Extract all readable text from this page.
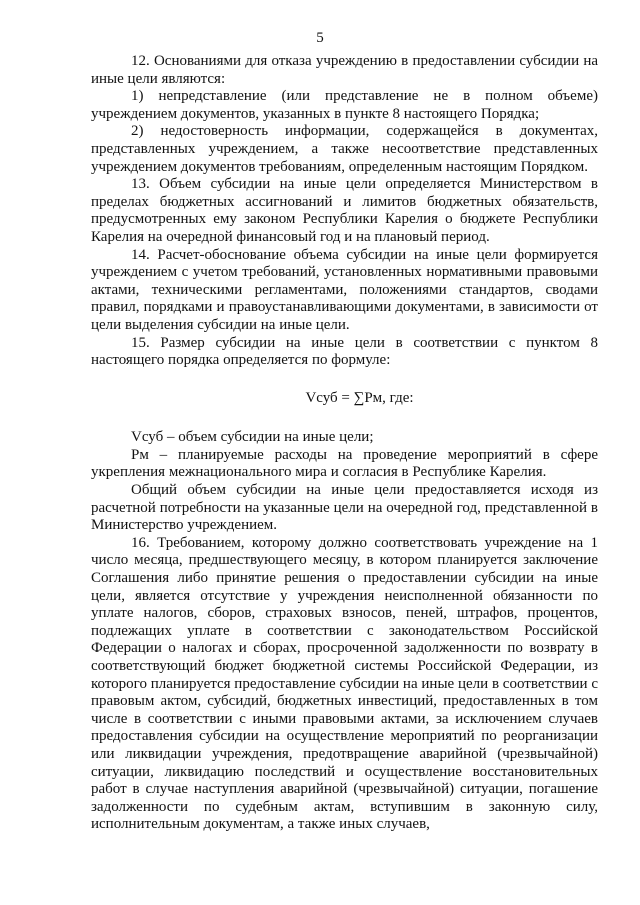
5

12. Основаниями для отказа учреждению в предоставлении субсидии на иные цели являются:

1) непредставление (или представление не в полном объеме) учреждением документов, указанных в пункте 8 настоящего Порядка;

2) недостоверность информации, содержащейся в документах, представленных учреждением, а также несоответствие представленных учреждением документов требованиям, определенным настоящим Порядком.

13. Объем субсидии на иные цели определяется Министерством в пределах бюджетных ассигнований и лимитов бюджетных обязательств, предусмотренных ему законом Республики Карелия о бюджете Республики Карелия на очередной финансовый год и на плановый период.

14. Расчет-обоснование объема субсидии на иные цели формируется учреждением с учетом требований, установленных нормативными правовыми актами, техническими регламентами, положениями стандартов, сводами правил, порядками и правоустанавливающими документами, в зависимости от цели выделения субсидии на иные цели.

15. Размер субсидии на иные цели в соответствии с пунктом 8 настоящего порядка определяется по формуле:

Vсуб = ∑Рм, где:

Vсуб – объем субсидии на иные цели;

Рм – планируемые расходы на проведение мероприятий в сфере укрепления межнационального мира и согласия в Республике Карелия.

Общий объем субсидии на иные цели предоставляется исходя из расчетной потребности на указанные цели на очередной год, представленной в Министерство учреждением.

16. Требованием, которому должно соответствовать учреждение на 1 число месяца, предшествующего месяцу, в котором планируется заключение Соглашения либо принятие решения о предоставлении субсидии на иные цели, является отсутствие у учреждения неисполненной обязанности по уплате налогов, сборов, страховых взносов, пеней, штрафов, процентов, подлежащих уплате в соответствии с законодательством Российской Федерации о налогах и сборах, просроченной задолженности по возврату в соответствующий бюджет бюджетной системы Российской Федерации, из которого планируется предоставление субсидии на иные цели в соответствии с правовым актом, субсидий, бюджетных инвестиций, предоставленных в том числе в соответствии с иными правовыми актами, за исключением случаев предоставления субсидии на осуществление мероприятий по реорганизации или ликвидации учреждения, предотвращение аварийной (чрезвычайной) ситуации, ликвидацию последствий и осуществление восстановительных работ в случае наступления аварийной (чрезвычайной) ситуации, погашение задолженности по судебным актам, вступившим в законную силу, исполнительным документам, а также иных случаев,
